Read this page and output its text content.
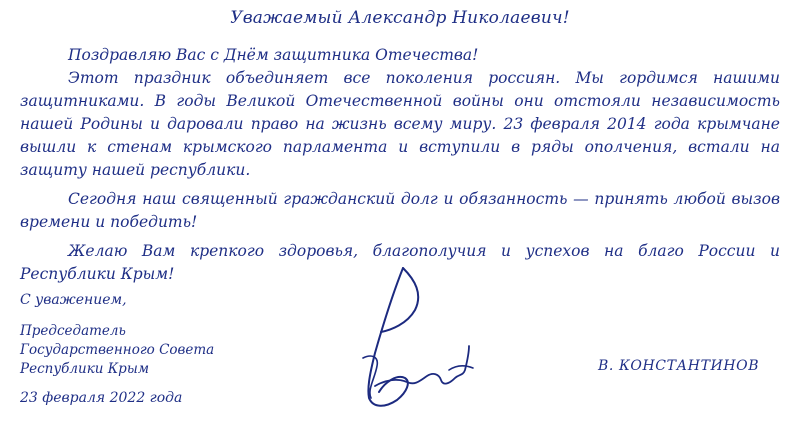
Уважаемый Александр Николаевич!

Поздравляю Вас с Днём защитника Отечества!

Этот праздник объединяет все поколения россиян. Мы гордимся нашими защитниками. В годы Великой Отечественной войны они отстояли независимость нашей Родины и даровали право на жизнь всему миру. 23 февраля 2014 года крымчане вышли к стенам крымского парламента и вступили в ряды ополчения, встали на защиту нашей республики.

Сегодня наш священный гражданский долг и обязанность — принять любой вызов времени и победить!

Желаю Вам крепкого здоровья, благополучия и успехов на благо России и Республики Крым!

С уважением,
Председатель
Государственного Совета
Республики Крым	В. КОНСТАНТИНОВ
23 февраля 2022 года
